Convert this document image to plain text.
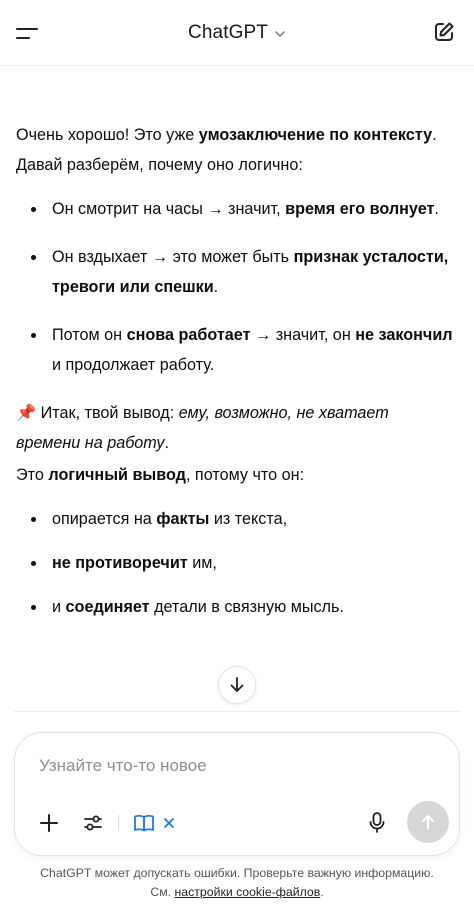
ChatGPT

Очень хорошо! Это уже умозаключение по контексту. Давай разберём, почему оно логично:

Он смотрит на часы → значит, время его волнует.
Он вздыхает → это может быть признак усталости, тревоги или спешки.
Потом он снова работает → значит, он не закончил и продолжает работу.

📌 Итак, твой вывод: ему, возможно, не хватает времени на работу.

Это логичный вывод, потому что он:

опирается на факты из текста,
не противоречит им,
и соединяет детали в связную мысль.
Узнайте что-то новое
ChatGPT может допускать ошибки. Проверьте важную информацию.
См. настройки cookie-файлов.
